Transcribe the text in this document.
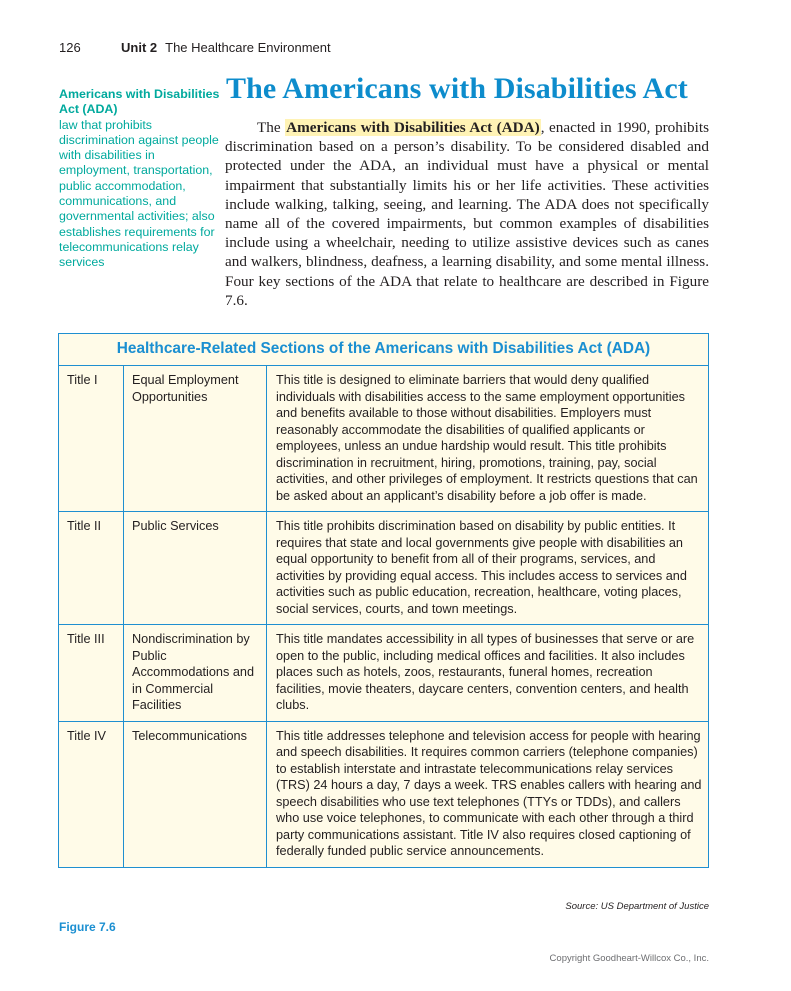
126	Unit 2 The Healthcare Environment
Americans with Disabilities Act (ADA)
law that prohibits discrimination against people with disabilities in employment, transportation, public accommodation, communications, and governmental activities; also establishes requirements for telecommunications relay services
The Americans with Disabilities Act

The Americans with Disabilities Act (ADA), enacted in 1990, prohibits discrimination based on a person’s disability. To be considered disabled and protected under the ADA, an individual must have a physical or mental impairment that substantially limits his or her life activities. These activities include walking, talking, seeing, and learning. The ADA does not specifically name all of the covered impairments, but common examples of disabilities include using a wheelchair, needing to utilize assistive devices such as canes and walkers, blindness, deafness, a learning disability, and some mental illness. Four key sections of the ADA that relate to healthcare are described in Figure 7.6.

Healthcare-Related Sections of the Americans with Disabilities Act (ADA)		
Title I	Equal Employment Opportunities	This title is designed to eliminate barriers that would deny qualified individuals with disabilities access to the same employment opportunities and benefits available to those without disabilities. Employers must reasonably accommodate the disabilities of qualified applicants or employees, unless an undue hardship would result. This title prohibits discrimination in recruitment, hiring, promotions, training, pay, social activities, and other privileges of employment. It restricts questions that can be asked about an applicant’s disability before a job offer is made.
Title II	Public Services	This title prohibits discrimination based on disability by public entities. It requires that state and local governments give people with disabilities an equal opportunity to benefit from all of their programs, services, and activities by providing equal access. This includes access to services and activities such as public education, recreation, healthcare, voting places, social services, courts, and town meetings.
Title III	Nondiscrimination by Public Accommodations and in Commercial Facilities	This title mandates accessibility in all types of businesses that serve or are open to the public, including medical offices and facilities. It also includes places such as hotels, zoos, restaurants, funeral homes, recreation facilities, movie theaters, daycare centers, convention centers, and health clubs.
Title IV	Telecommunications	This title addresses telephone and television access for people with hearing and speech disabilities. It requires common carriers (telephone companies) to establish interstate and intrastate telecommunications relay services (TRS) 24 hours a day, 7 days a week. TRS enables callers with hearing and speech disabilities who use text telephones (TTYs or TDDs), and callers who use voice telephones, to communicate with each other through a third party communications assistant. Title IV also requires closed captioning of federally funded public service announcements.
Source: US Department of Justice
Figure 7.6
Copyright Goodheart-Willcox Co., Inc.
